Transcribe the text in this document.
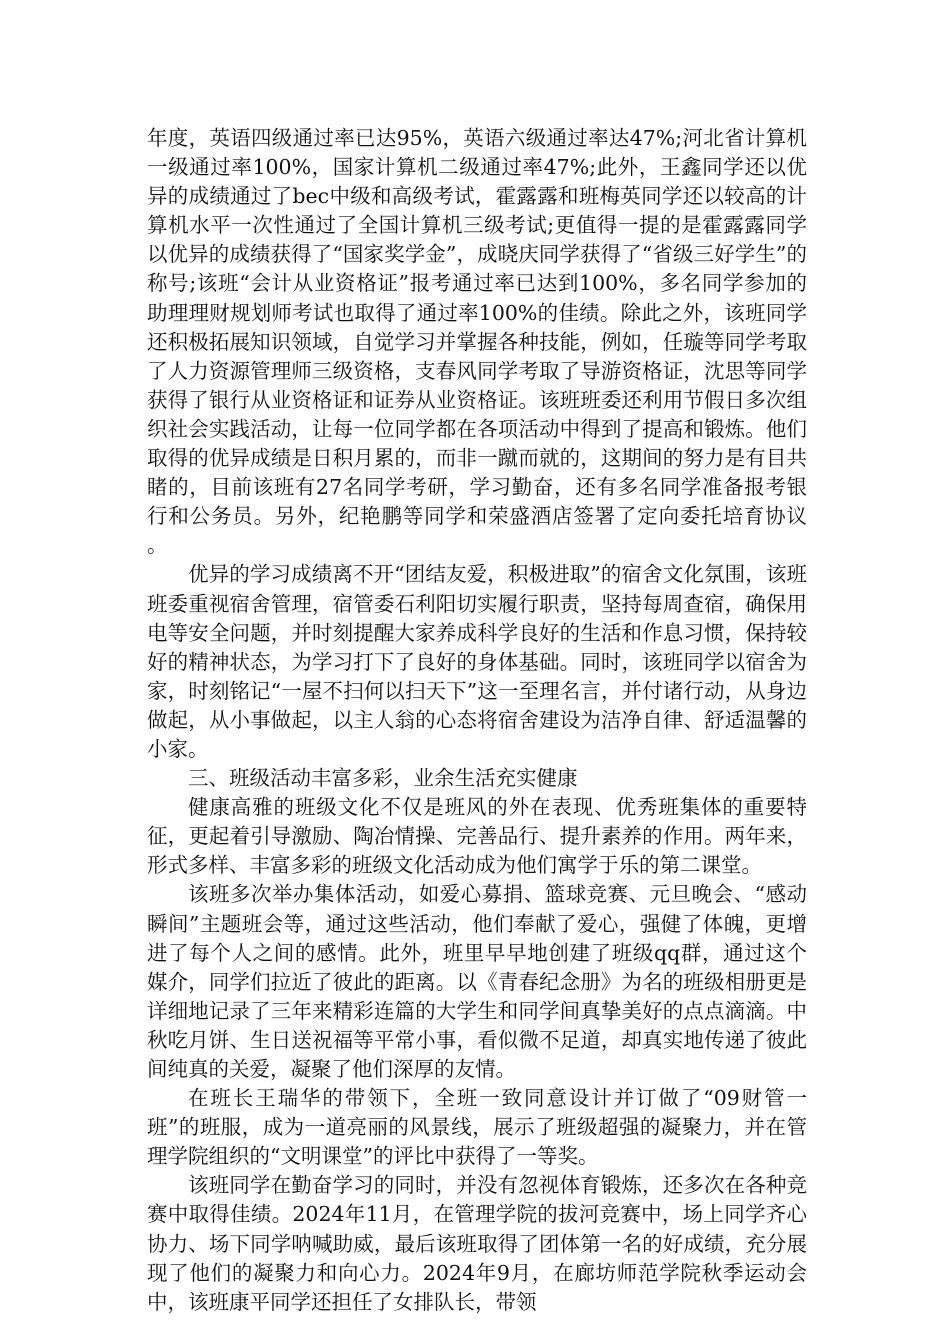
年度，英语四级通过率已达95%，英语六级通过率达47%;河北省计算机一级通过率100%，国家计算机二级通过率47%;此外，王鑫同学还以优异的成绩通过了bec中级和高级考试，霍露露和班梅英同学还以较高的计算机水平一次性通过了全国计算机三级考试;更值得一提的是霍露露同学以优异的成绩获得了“国家奖学金”，成晓庆同学获得了“省级三好学生”的称号;该班“会计从业资格证”报考通过率已达到100%，多名同学参加的助理理财规划师考试也取得了通过率100%的佳绩。除此之外，该班同学还积极拓展知识领域，自觉学习并掌握各种技能，例如，任璇等同学考取了人力资源管理师三级资格，支春风同学考取了导游资格证，沈思等同学获得了银行从业资格证和证券从业资格证。该班班委还利用节假日多次组织社会实践活动，让每一位同学都在各项活动中得到了提高和锻炼。他们取得的优异成绩是日积月累的，而非一蹴而就的，这期间的努力是有目共睹的，目前该班有27名同学考研，学习勤奋，还有多名同学准备报考银行和公务员。另外，纪艳鹏等同学和荣盛酒店签署了定向委托培育协议 。

优异的学习成绩离不开“团结友爱，积极进取”的宿舍文化氛围，该班班委重视宿舍管理，宿管委石利阳切实履行职责，坚持每周查宿，确保用电等安全问题，并时刻提醒大家养成科学良好的生活和作息习惯，保持较好的精神状态，为学习打下了良好的身体基础。同时，该班同学以宿舍为家，时刻铭记“一屋不扫何以扫天下”这一至理名言，并付诸行动，从身边做起，从小事做起，以主人翁的心态将宿舍建设为洁净自律、舒适温馨的小家。

三、班级活动丰富多彩，业余生活充实健康

健康高雅的班级文化不仅是班风的外在表现、优秀班集体的重要特征，更起着引导激励、陶冶情操、完善品行、提升素养的作用。两年来，形式多样、丰富多彩的班级文化活动成为他们寓学于乐的第二课堂。

该班多次举办集体活动，如爱心募捐、篮球竞赛、元旦晚会、“感动瞬间”主题班会等，通过这些活动，他们奉献了爱心，强健了体魄，更增进了每个人之间的感情。此外，班里早早地创建了班级qq群，通过这个媒介，同学们拉近了彼此的距离。以《青春纪念册》为名的班级相册更是详细地记录了三年来精彩连篇的大学生和同学间真挚美好的点点滴滴。中秋吃月饼、生日送祝福等平常小事，看似微不足道，却真实地传递了彼此间纯真的关爱，凝聚了他们深厚的友情。

在班长王瑞华的带领下，全班一致同意设计并订做了“09财管一班”的班服，成为一道亮丽的风景线，展示了班级超强的凝聚力，并在管理学院组织的“文明课堂”的评比中获得了一等奖。

该班同学在勤奋学习的同时，并没有忽视体育锻炼，还多次在各种竞赛中取得佳绩。2024年11月，在管理学院的拔河竞赛中，场上同学齐心协力、场下同学呐喊助威，最后该班取得了团体第一名的好成绩，充分展现了他们的凝聚力和向心力。2024年9月，在廊坊师范学院秋季运动会中，该班康平同学还担任了女排队长，带领
